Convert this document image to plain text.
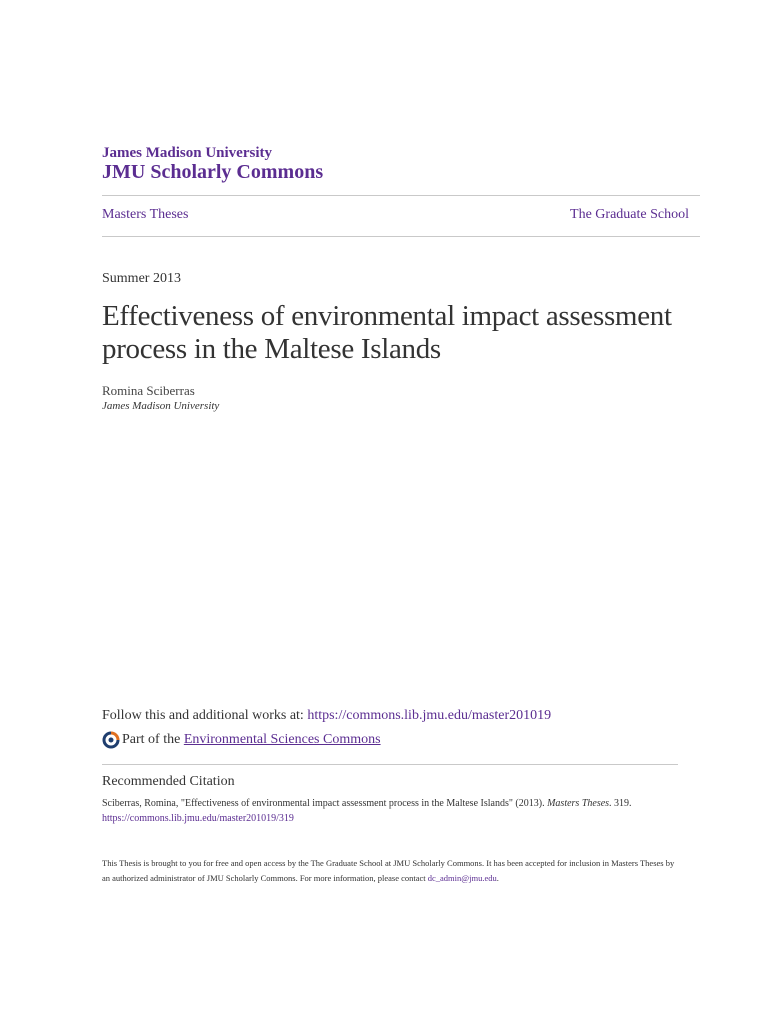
James Madison University
JMU Scholarly Commons
Masters Theses	The Graduate School
Summer 2013
Effectiveness of environmental impact assessment process in the Maltese Islands
Romina Sciberras
James Madison University
Follow this and additional works at: https://commons.lib.jmu.edu/master201019
Part of the
Environmental Sciences Commons
Recommended Citation
Sciberras, Romina, "Effectiveness of environmental impact assessment process in the Maltese Islands" (2013). Masters Theses. 319.
https://commons.lib.jmu.edu/master201019/319
This Thesis is brought to you for free and open access by the The Graduate School at JMU Scholarly Commons. It has been accepted for inclusion in Masters Theses by an authorized administrator of JMU Scholarly Commons. For more information, please contact dc_admin@jmu.edu.
